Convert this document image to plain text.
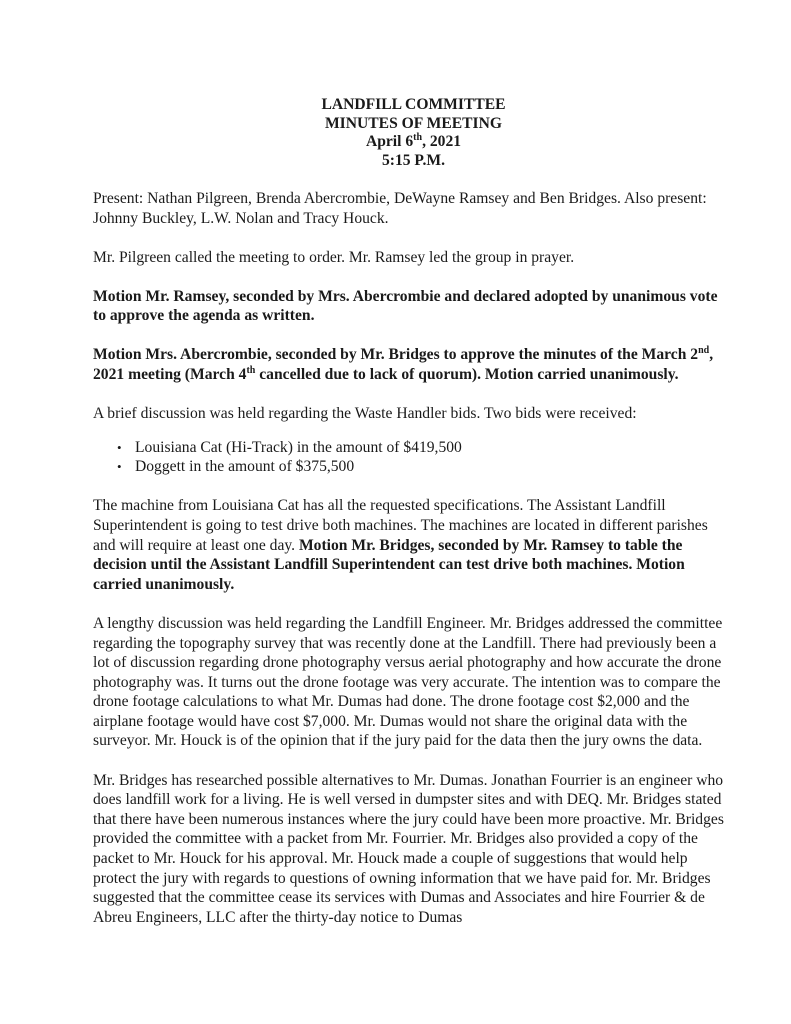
LANDFILL COMMITTEE
MINUTES OF MEETING
April 6th, 2021
5:15 P.M.

Present: Nathan Pilgreen, Brenda Abercrombie, DeWayne Ramsey and Ben Bridges. Also present: Johnny Buckley, L.W. Nolan and Tracy Houck.

Mr. Pilgreen called the meeting to order. Mr. Ramsey led the group in prayer.

Motion Mr. Ramsey, seconded by Mrs. Abercrombie and declared adopted by unanimous vote to approve the agenda as written.

Motion Mrs. Abercrombie, seconded by Mr. Bridges to approve the minutes of the March 2nd, 2021 meeting (March 4th cancelled due to lack of quorum). Motion carried unanimously.

A brief discussion was held regarding the Waste Handler bids. Two bids were received:

• Louisiana Cat (Hi-Track) in the amount of $419,500
• Doggett in the amount of $375,500

The machine from Louisiana Cat has all the requested specifications. The Assistant Landfill Superintendent is going to test drive both machines. The machines are located in different parishes and will require at least one day. Motion Mr. Bridges, seconded by Mr. Ramsey to table the decision until the Assistant Landfill Superintendent can test drive both machines. Motion carried unanimously.

A lengthy discussion was held regarding the Landfill Engineer. Mr. Bridges addressed the committee regarding the topography survey that was recently done at the Landfill. There had previously been a lot of discussion regarding drone photography versus aerial photography and how accurate the drone photography was. It turns out the drone footage was very accurate. The intention was to compare the drone footage calculations to what Mr. Dumas had done. The drone footage cost $2,000 and the airplane footage would have cost $7,000. Mr. Dumas would not share the original data with the surveyor. Mr. Houck is of the opinion that if the jury paid for the data then the jury owns the data.

Mr. Bridges has researched possible alternatives to Mr. Dumas. Jonathan Fourrier is an engineer who does landfill work for a living. He is well versed in dumpster sites and with DEQ. Mr. Bridges stated that there have been numerous instances where the jury could have been more proactive. Mr. Bridges provided the committee with a packet from Mr. Fourrier. Mr. Bridges also provided a copy of the packet to Mr. Houck for his approval. Mr. Houck made a couple of suggestions that would help protect the jury with regards to questions of owning information that we have paid for. Mr. Bridges suggested that the committee cease its services with Dumas and Associates and hire Fourrier & de Abreu Engineers, LLC after the thirty-day notice to Dumas
